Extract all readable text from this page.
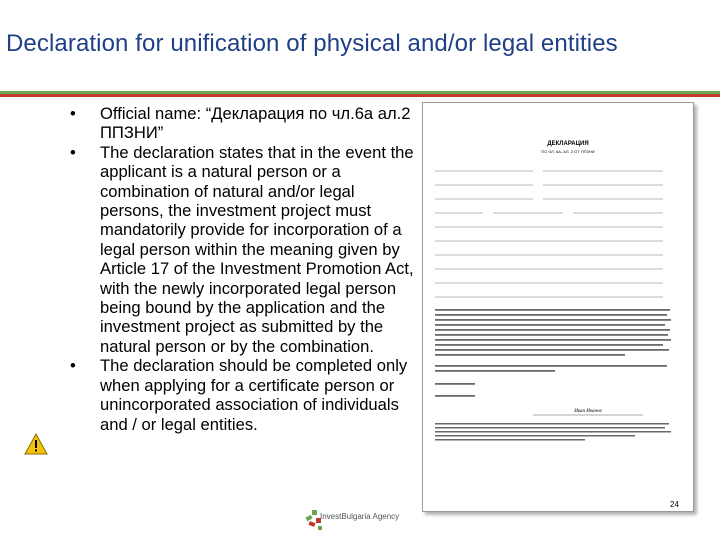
Declaration for unification of physical and/or legal entities
• Official name: “Декларация по чл.6а ал.2 ППЗНИ”
• The declaration states that in the event the applicant is a natural person or a combination of natural and/or legal persons, the investment project must mandatorily provide for incorporation of a legal person within the meaning given by Article 17 of the Investment Promotion Act, with the newly incorporated legal person being bound by the application and the investment project as submitted by the natural person or by the combination.
• The declaration should be completed only when applying for a certificate person or unincorporated association of individuals and / or legal entities.
ДЕКЛАРАЦИЯ
ПО ЧЛ. 6А, АЛ. 2 ОТ ППЗНИ
Иван Иванов
InvestBulgaria Agency
24
